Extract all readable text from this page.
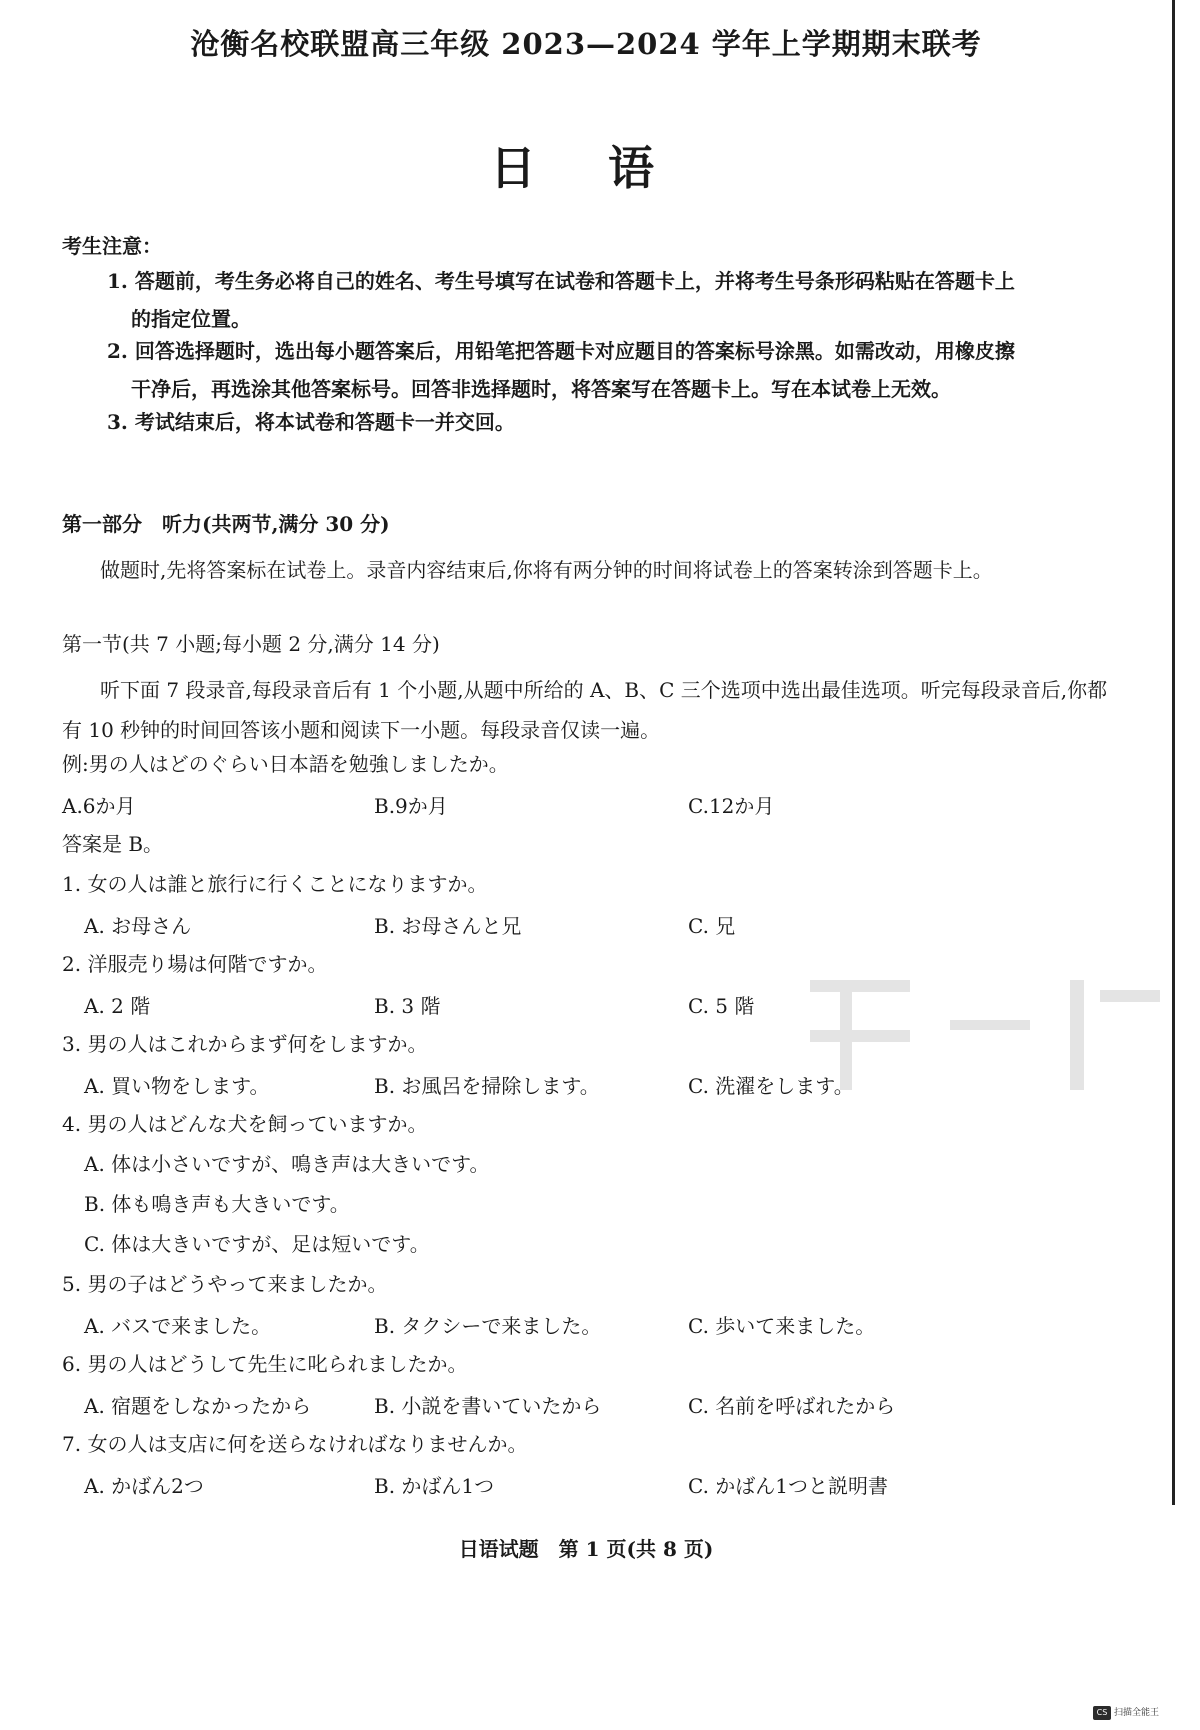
沧衡名校联盟高三年级 2023—2024 学年上学期期末联考
日 语
考生注意：
1. 答题前，考生务必将自己的姓名、考生号填写在试卷和答题卡上，并将考生号条形码粘贴在答题卡上
的指定位置。
2. 回答选择题时，选出每小题答案后，用铅笔把答题卡对应题目的答案标号涂黑。如需改动，用橡皮擦
干净后，再选涂其他答案标号。回答非选择题时，将答案写在答题卡上。写在本试卷上无效。
3. 考试结束后，将本试卷和答题卡一并交回。
第一部分　听力(共两节,满分 30 分)
做题时,先将答案标在试卷上。录音内容结束后,你将有两分钟的时间将试卷上的答案转涂到答题卡上。
第一节(共 7 小题;每小题 2 分,满分 14 分)
听下面 7 段录音,每段录音后有 1 个小题,从题中所给的 A、B、C 三个选项中选出最佳选项。听完每段录音后,你都有 10 秒钟的时间回答该小题和阅读下一小题。每段录音仅读一遍。
例:男の人はどのぐらい日本語を勉強しましたか。
A.6か月	B.9か月	C.12か月
答案是 B。
1. 女の人は誰と旅行に行くことになりますか。
A. お母さん	B. お母さんと兄	C. 兄
2. 洋服売り場は何階ですか。
A. 2 階	B. 3 階	C. 5 階
3. 男の人はこれからまず何をしますか。
A. 買い物をします。	B. お風呂を掃除します。	C. 洗濯をします。
4. 男の人はどんな犬を飼っていますか。
A. 体は小さいですが、鳴き声は大きいです。
B. 体も鳴き声も大きいです。
C. 体は大きいですが、足は短いです。
5. 男の子はどうやって来ましたか。
A. バスで来ました。	B. タクシーで来ました。	C. 歩いて来ました。
6. 男の人はどうして先生に叱られましたか。
A. 宿題をしなかったから	B. 小説を書いていたから	C. 名前を呼ばれたから
7. 女の人は支店に何を送らなければなりませんか。
A. かばん2つ	B. かばん1つ	C. かばん1つと説明書
日语试题　第 1 页(共 8 页)
CS 扫描全能王
